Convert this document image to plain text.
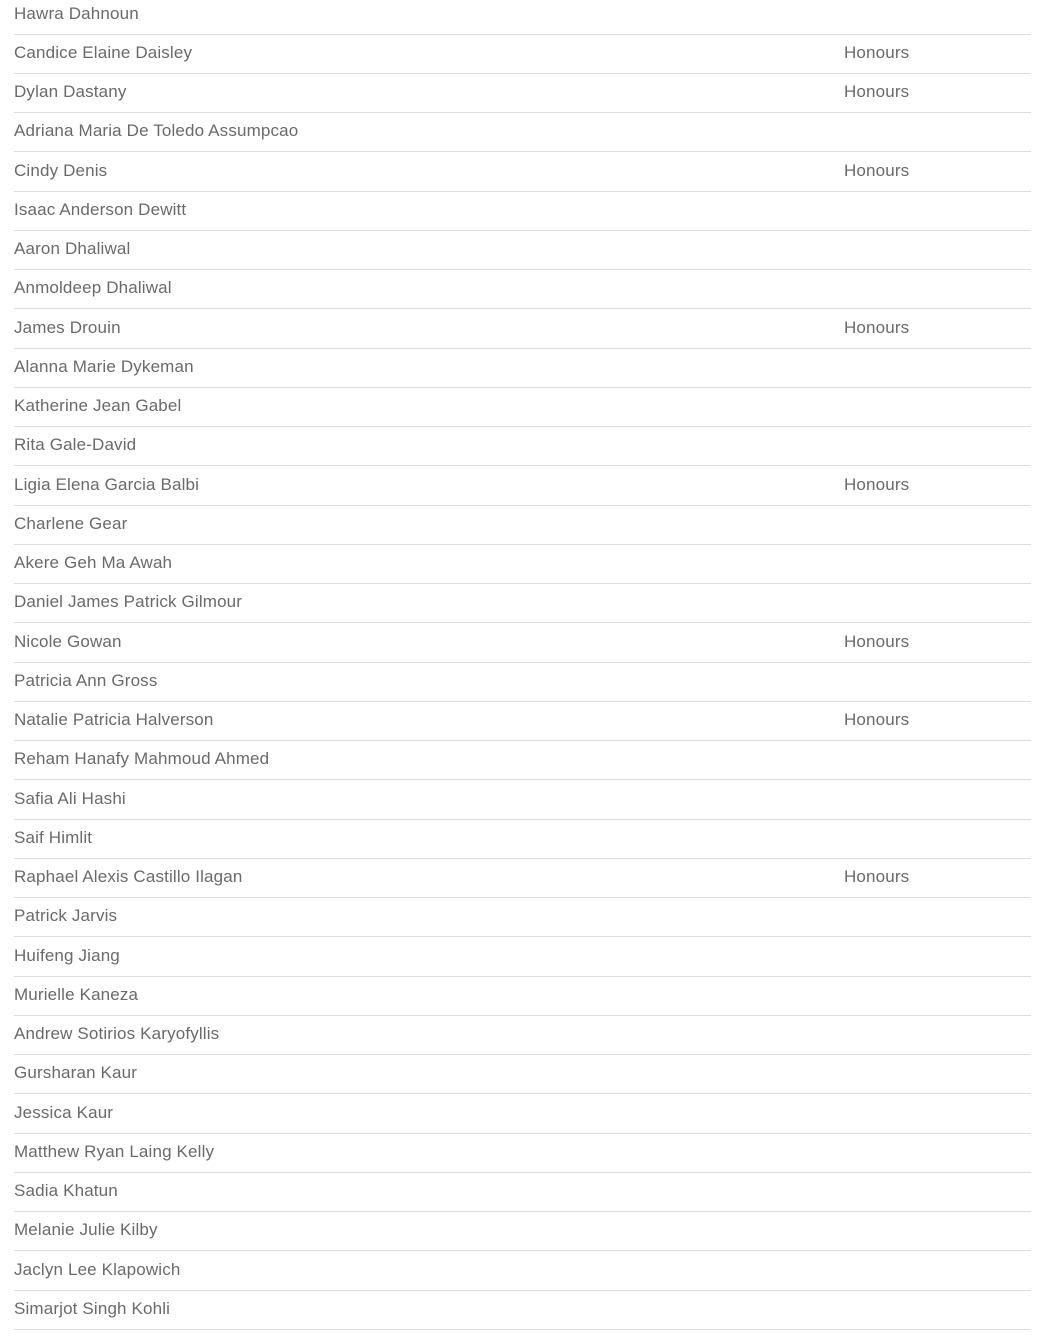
Hawra Dahnoun
Candice Elaine Daisley	Honours
Dylan Dastany	Honours
Adriana Maria De Toledo Assumpcao
Cindy Denis	Honours
Isaac Anderson Dewitt
Aaron Dhaliwal
Anmoldeep Dhaliwal
James Drouin	Honours
Alanna Marie Dykeman
Katherine Jean Gabel
Rita Gale-David
Ligia Elena Garcia Balbi	Honours
Charlene Gear
Akere Geh Ma Awah
Daniel James Patrick Gilmour
Nicole Gowan	Honours
Patricia Ann Gross
Natalie Patricia Halverson	Honours
Reham Hanafy Mahmoud Ahmed
Safia Ali Hashi
Saif Himlit
Raphael Alexis Castillo Ilagan	Honours
Patrick Jarvis
Huifeng Jiang
Murielle Kaneza
Andrew Sotirios Karyofyllis
Gursharan Kaur
Jessica Kaur
Matthew Ryan Laing Kelly
Sadia Khatun
Melanie Julie Kilby
Jaclyn Lee Klapowich
Simarjot Singh Kohli
